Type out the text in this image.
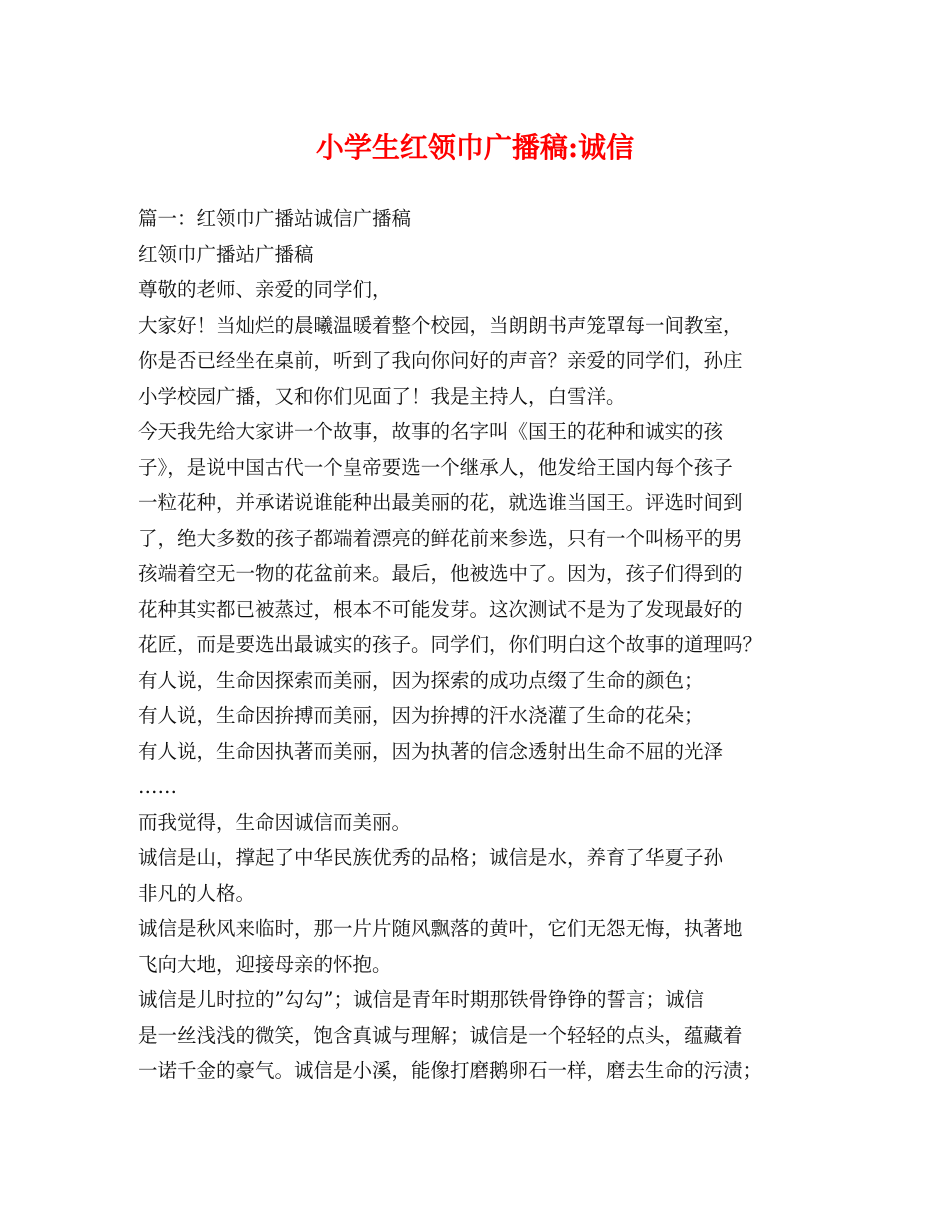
小学生红领巾广播稿:诚信
篇一：红领巾广播站诚信广播稿
红领巾广播站广播稿
尊敬的老师、亲爱的同学们，
大家好！当灿烂的晨曦温暖着整个校园，当朗朗书声笼罩每一间教室，
你是否已经坐在桌前，听到了我向你问好的声音？亲爱的同学们，孙庄
小学校园广播，又和你们见面了！我是主持人，白雪洋。
今天我先给大家讲一个故事，故事的名字叫《国王的花种和诚实的孩
子》，是说中国古代一个皇帝要选一个继承人，他发给王国内每个孩子
一粒花种，并承诺说谁能种出最美丽的花，就选谁当国王。评选时间到
了，绝大多数的孩子都端着漂亮的鲜花前来参选，只有一个叫杨平的男
孩端着空无一物的花盆前来。最后，他被选中了。因为，孩子们得到的
花种其实都已被蒸过，根本不可能发芽。这次测试不是为了发现最好的
花匠，而是要选出最诚实的孩子。同学们，你们明白这个故事的道理吗？
有人说，生命因探索而美丽，因为探索的成功点缀了生命的颜色；
有人说，生命因拚搏而美丽，因为拚搏的汗水浇灌了生命的花朵；
有人说，生命因执著而美丽，因为执著的信念透射出生命不屈的光泽
……
而我觉得，生命因诚信而美丽。
诚信是山，撑起了中华民族优秀的品格；诚信是水，养育了华夏子孙
非凡的人格。
诚信是秋风来临时，那一片片随风飘落的黄叶，它们无怨无悔，执著地
飞向大地，迎接母亲的怀抱。
诚信是儿时拉的”勾勾”；诚信是青年时期那铁骨铮铮的誓言；诚信
是一丝浅浅的微笑，饱含真诚与理解；诚信是一个轻轻的点头，蕴藏着
一诺千金的豪气。诚信是小溪，能像打磨鹅卵石一样，磨去生命的污渍；
